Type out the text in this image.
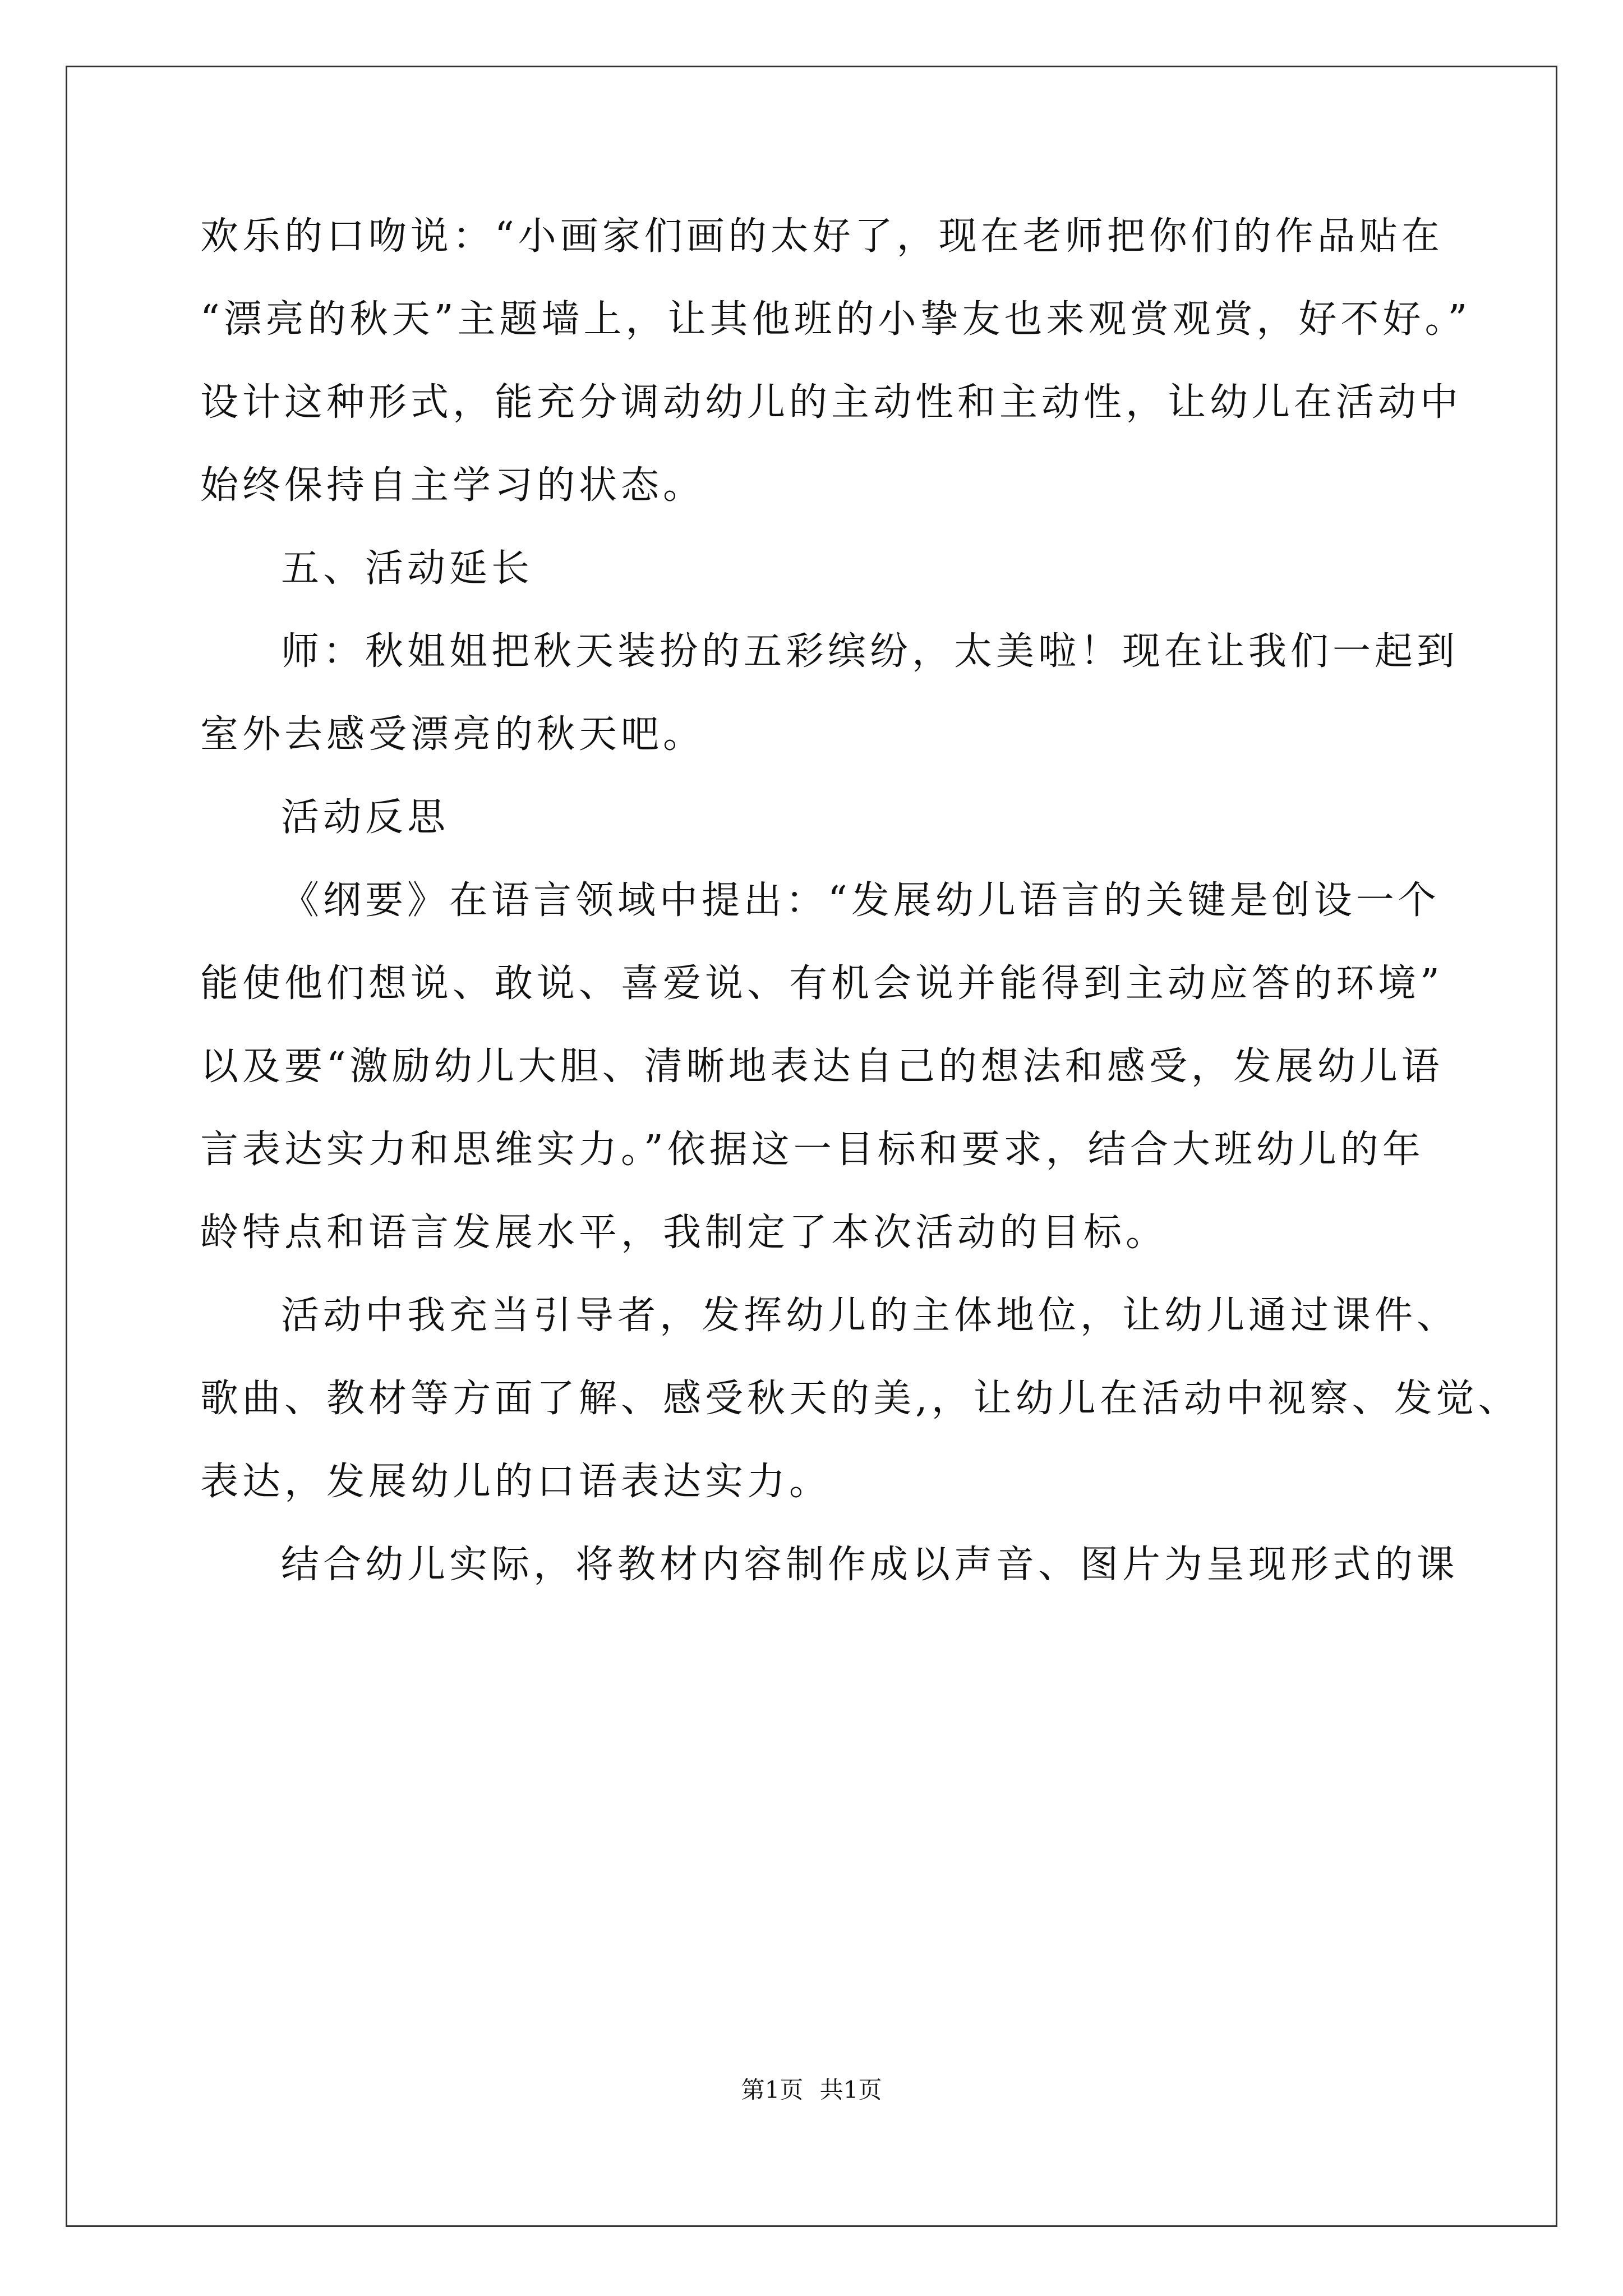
欢乐的口吻说：“小画家们画的太好了，现在老师把你们的作品贴在
“漂亮的秋天”主题墙上，让其他班的小挚友也来观赏观赏，好不好。”
设计这种形式，能充分调动幼儿的主动性和主动性，让幼儿在活动中
始终保持自主学习的状态。
五、活动延长
师：秋姐姐把秋天装扮的五彩缤纷，太美啦！现在让我们一起到
室外去感受漂亮的秋天吧。
活动反思
《纲要》在语言领域中提出：“发展幼儿语言的关键是创设一个
能使他们想说、敢说、喜爱说、有机会说并能得到主动应答的环境”
以及要“激励幼儿大胆、清晰地表达自己的想法和感受，发展幼儿语
言表达实力和思维实力。”依据这一目标和要求，结合大班幼儿的年
龄特点和语言发展水平，我制定了本次活动的目标。
活动中我充当引导者，发挥幼儿的主体地位，让幼儿通过课件、
歌曲、教材等方面了解、感受秋天的美,，让幼儿在活动中视察、发觉、
表达，发展幼儿的口语表达实力。
结合幼儿实际，将教材内容制作成以声音、图片为呈现形式的课
第1页 共1页
